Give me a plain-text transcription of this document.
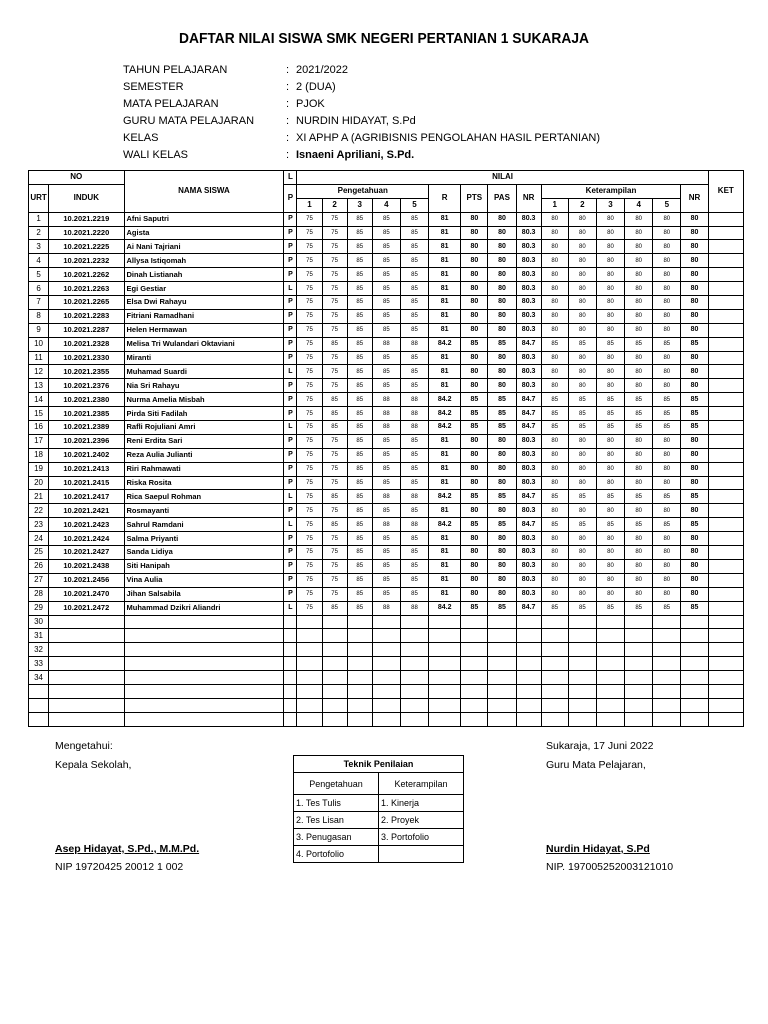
DAFTAR NILAI SISWA SMK NEGERI PERTANIAN 1 SUKARAJA
TAHUN PELAJARAN	: 2021/2022
SEMESTER	: 2 (DUA)
MATA PELAJARAN	: PJOK
GURU MATA PELAJARAN	: NURDIN HIDAYAT, S.Pd
KELAS	: XI APHP A (AGRIBISNIS PENGOLAHAN HASIL PERTANIAN)
WALI KELAS	: Isnaeni Apriliani, S.Pd.
NO		NAMA SISWA	L	NILAI															KET
URT	INDUK		P	Pengetahuan					R	PTS	PAS	NR	Keterampilan					NR	
				1	2	3	4	5					1	2	3	4	5		
1	10.2021.2219	Afni Saputri	P	75	75	85	85	85	81	80	80	80.3	80	80	80	80	80	80	
2	10.2021.2220	Agista	P	75	75	85	85	85	81	80	80	80.3	80	80	80	80	80	80	
3	10.2021.2225	Ai Nani Tajriani	P	75	75	85	85	85	81	80	80	80.3	80	80	80	80	80	80	
4	10.2021.2232	Allysa Istiqomah	P	75	75	85	85	85	81	80	80	80.3	80	80	80	80	80	80	
5	10.2021.2262	Dinah Listianah	P	75	75	85	85	85	81	80	80	80.3	80	80	80	80	80	80	
6	10.2021.2263	Egi Gestiar	L	75	75	85	85	85	81	80	80	80.3	80	80	80	80	80	80	
7	10.2021.2265	Elsa Dwi Rahayu	P	75	75	85	85	85	81	80	80	80.3	80	80	80	80	80	80	
8	10.2021.2283	Fitriani Ramadhani	P	75	75	85	85	85	81	80	80	80.3	80	80	80	80	80	80	
9	10.2021.2287	Helen Hermawan	P	75	75	85	85	85	81	80	80	80.3	80	80	80	80	80	80	
10	10.2021.2328	Melisa Tri Wulandari Oktaviani	P	75	85	85	88	88	84.2	85	85	84.7	85	85	85	85	85	85	
11	10.2021.2330	Miranti	P	75	75	85	85	85	81	80	80	80.3	80	80	80	80	80	80	
12	10.2021.2355	Muhamad Suardi	L	75	75	85	85	85	81	80	80	80.3	80	80	80	80	80	80	
13	10.2021.2376	Nia Sri Rahayu	P	75	75	85	85	85	81	80	80	80.3	80	80	80	80	80	80	
14	10.2021.2380	Nurma Amelia Misbah	P	75	85	85	88	88	84.2	85	85	84.7	85	85	85	85	85	85	
15	10.2021.2385	Pirda Siti Fadilah	P	75	85	85	88	88	84.2	85	85	84.7	85	85	85	85	85	85	
16	10.2021.2389	Rafli Rojuliani Amri	L	75	85	85	88	88	84.2	85	85	84.7	85	85	85	85	85	85	
17	10.2021.2396	Reni Erdita Sari	P	75	75	85	85	85	81	80	80	80.3	80	80	80	80	80	80	
18	10.2021.2402	Reza Aulia Julianti	P	75	75	85	85	85	81	80	80	80.3	80	80	80	80	80	80	
19	10.2021.2413	Riri Rahmawati	P	75	75	85	85	85	81	80	80	80.3	80	80	80	80	80	80	
20	10.2021.2415	Riska Rosita	P	75	75	85	85	85	81	80	80	80.3	80	80	80	80	80	80	
21	10.2021.2417	Rica Saepul Rohman	L	75	85	85	88	88	84.2	85	85	84.7	85	85	85	85	85	85	
22	10.2021.2421	Rosmayanti	P	75	75	85	85	85	81	80	80	80.3	80	80	80	80	80	80	
23	10.2021.2423	Sahrul Ramdani	L	75	85	85	88	88	84.2	85	85	84.7	85	85	85	85	85	85	
24	10.2021.2424	Salma Priyanti	P	75	75	85	85	85	81	80	80	80.3	80	80	80	80	80	80	
25	10.2021.2427	Sanda Lidiya	P	75	75	85	85	85	81	80	80	80.3	80	80	80	80	80	80	
26	10.2021.2438	Siti Hanipah	P	75	75	85	85	85	81	80	80	80.3	80	80	80	80	80	80	
27	10.2021.2456	Vina Aulia	P	75	75	85	85	85	81	80	80	80.3	80	80	80	80	80	80	
28	10.2021.2470	Jihan Salsabila	P	75	75	85	85	85	81	80	80	80.3	80	80	80	80	80	80	
29	10.2021.2472	Muhammad Dzikri Aliandri	L	75	85	85	88	88	84.2	85	85	84.7	85	85	85	85	85	85	
30																			
31																			
32																			
33																			
34																			

Mengetahui:
Kepala Sekolah,
Asep Hidayat, S.Pd., M.M.Pd.
NIP 19720425 20012 1 002
Sukaraja, 17 Juni 2022
Guru Mata Pelajaran,
Nurdin Hidayat, S.Pd
NIP. 197005252003121010
Teknik Penilaian	
Pengetahuan	Keterampilan
1. Tes Tulis	1. Kinerja
2. Tes Lisan	2. Proyek
3. Penugasan	3. Portofolio
4. Portofolio	
